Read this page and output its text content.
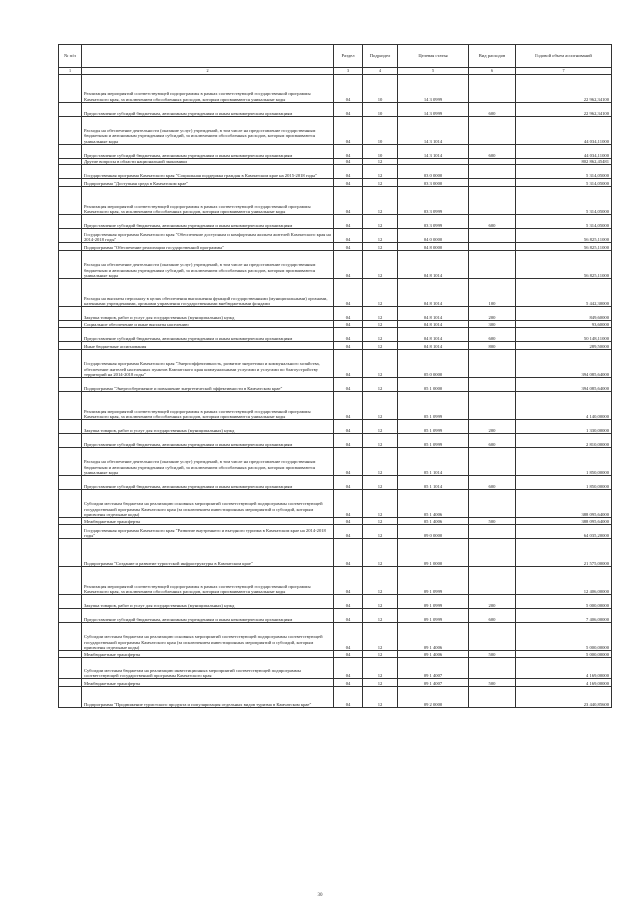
№ п/п		Раздел	Подраздел	Целевая статья	Вид расходов	Годовой объем ассигнований
1	2	3	4	5	6	7
	Реализация мероприятий соответствующей подпрограммы в рамках соответствующей государственной программы Камчатского края, за исключением обособленных расходов, которым присваиваются уникальные коды	04	10	14 3 0999		22 962,34100
	Предоставление субсидий бюджетным, автономным учреждениям и иным некоммерческим организациям	04	10	14 3 0999	600	22 962,34100
	Расходы на обеспечение деятельности (оказание услуг) учреждений, в том числе на предоставление государственным бюджетным и автономным учреждениям субсидий, за исключением обособленных расходов, которым присваиваются уникальные коды	04	10	14 3 1014		44 034,11000
	Предоставление субсидий бюджетным, автономным учреждениям и иным некоммерческим организациям	04	10	14 3 1014	600	44 034,11000
	Другие вопросы в области национальной экономики	04	12			802 862,45481
	Государственная программа Камчатского края "Социальная поддержка граждан в Камчатском крае на 2015-2018 годы"	04	12	03 0 0000		5 314,05000
	Подпрограмма "Доступная среда в Камчатском крае"	04	12	03 3 0000		5 314,05000
	Реализация мероприятий соответствующей подпрограммы в рамках соответствующей государственной программы Камчатского края, за исключением обособленных расходов, которым присваиваются уникальные коды	04	12	03 3 0999		5 314,05000
	Предоставление субсидий бюджетным, автономным учреждениям и иным некоммерческим организациям	04	12	03 3 0999	600	5 314,05000
	Государственная программа Камчатского края "Обеспечение доступным и комфортным жильем жителей Камчатского края на 2014-2018 годы"	04	12	04 0 0000		56 825,11000
	Подпрограмма "Обеспечение реализации государственной программы"	04	12	04 8 0000		56 825,11000
	Расходы на обеспечение деятельности (оказание услуг) учреждений, в том числе на предоставление государственным бюджетным и автономным учреждениям субсидий, за исключением обособленных расходов, которым присваиваются уникальные коды	04	12	04 8 1014		56 825,11000
	Расходы на выплаты персоналу в целях обеспечения выполнения функций государственными (муниципальными) органами, казенными учреждениями, органами управления государственными внебюджетными фондами	04	12	04 8 1014	100	5 442,30000
	Закупка товаров, работ и услуг для государственных (муниципальных) нужд	04	12	04 8 1014	200	849,60000
	Социальное обеспечение и иные выплаты населению	04	12	04 8 1014	300	93,60000
	Предоставление субсидий бюджетным, автономным учреждениям и иным некоммерческим организациям	04	12	04 8 1014	600	50 148,11000
	Иные бюджетные ассигнования	04	12	04 8 1014	800	289,50000
	Государственная программа Камчатского края "Энергоэффективность, развитие энергетики и коммунального хозяйства, обеспечение жителей населенных пунктов Камчатского края коммунальными услугами и услугами по благоустройству территорий на 2014-2018 годы"	04	12	05 0 0000		394 085,64000
	Подпрограмма "Энергосбережение и повышение энергетической эффективности в Камчатском крае"	04	12	05 1 0000		394 085,64000
	Реализация мероприятий соответствующей подпрограммы в рамках соответствующей государственной программы Камчатского края, за исключением обособленных расходов, которым присваиваются уникальные коды	04	12	05 1 0999		4 140,00000
	Закупка товаров, работ и услуг для государственных (муниципальных) нужд	04	12	05 1 0999	200	1 330,00000
	Предоставление субсидий бюджетным, автономным учреждениям и иным некоммерческим организациям	04	12	05 1 0999	600	2 810,00000
	Расходы на обеспечение деятельности (оказание услуг) учреждений, в том числе на предоставление государственным бюджетным и автономным учреждениям субсидий, за исключением обособленных расходов, которым присваиваются уникальные коды	04	12	05 1 1014		1 850,00000
	Предоставление субсидий бюджетным, автономным учреждениям и иным некоммерческим организациям	04	12	05 1 1014	600	1 850,00000
	Субсидии местным бюджетам на реализацию основных мероприятий соответствующей подпрограммы соответствующей государственной программы Камчатского края (за исключением инвестиционных мероприятий и субсидий, которым присвоены отдельные коды)	04	12	05 1 4006		388 095,64000
	Межбюджетные трансферты	04	12	05 1 4006	500	388 095,64000
	Государственная программа Камчатского края "Развитие внутреннего и въездного туризма в Камчатском крае на 2014-2018 годы"	04	12	09 0 0000		64 035,20000
	Подпрограмма "Создание и развитие туристской инфраструктуры в Камчатском крае"	04	12	09 1 0000		21 575,00000
	Реализация мероприятий соответствующей подпрограммы в рамках соответствующей государственной программы Камчатского края, за исключением обособленных расходов, которым присваиваются уникальные коды	04	12	09 1 0999		12 406,00000
	Закупка товаров, работ и услуг для государственных (муниципальных) нужд	04	12	09 1 0999	200	5 000,00000
	Предоставление субсидий бюджетным, автономным учреждениям и иным некоммерческим организациям	04	12	09 1 0999	600	7 406,00000
	Субсидии местным бюджетам на реализацию основных мероприятий соответствующей подпрограммы соответствующей государственной программы Камчатского края (за исключением инвестиционных мероприятий и субсидий, которым присвоены отдельные коды)	04	12	09 1 4006		5 000,00000
	Межбюджетные трансферты	04	12	09 1 4006	500	5 000,00000
	Субсидии местным бюджетам на реализацию инвестиционных мероприятий соответствующей подпрограммы соответствующей государственной программы Камчатского края	04	12	09 1 4007		4 169,00000
	Межбюджетные трансферты	04	12	09 1 4007	500	4 169,00000
	Подпрограмма "Продвижение туристского продукта и популяризация отдельных видов туризма в Камчатском крае"	04	12	09 2 0000		23 440,85600
30
